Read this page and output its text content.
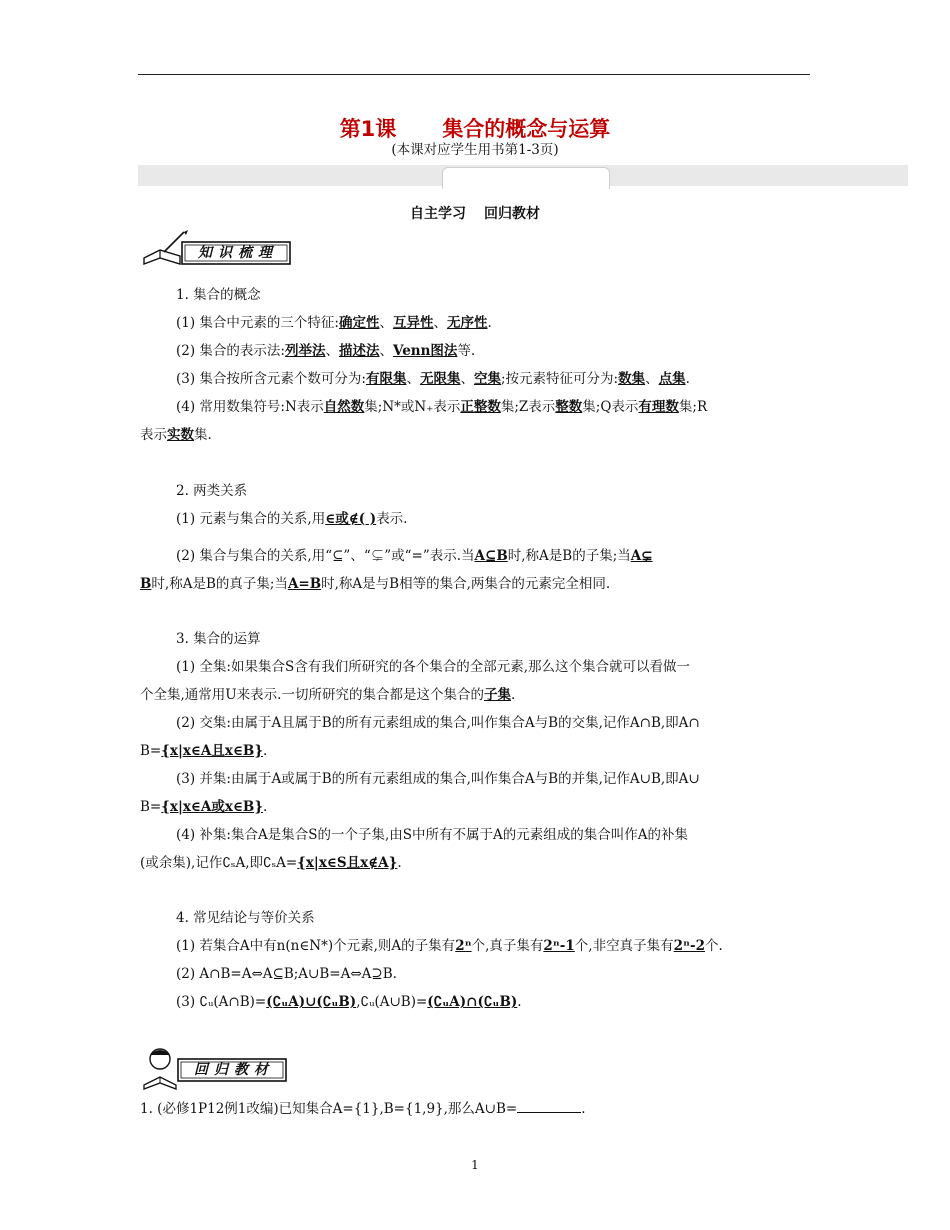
第1课 集合的概念与运算
(本课对应学生用书第1-3页)
自主学习 回归教材
知识梳理
1. 集合的概念
(1) 集合中元素的三个特征:确定性、互异性、无序性.
(2) 集合的表示法:列举法、描述法、Venn图法等.
(3) 集合按所含元素个数可分为:有限集、无限集、空集;按元素特征可分为:数集、点集.
(4) 常用数集符号:N表示自然数集;N*或N₊表示正整数集;Z表示整数集;Q表示有理数集;R
表示实数集.
2. 两类关系
(1) 元素与集合的关系,用∈或∉( )表示.
(2) 集合与集合的关系,用“⊆”、“⊊”或“=”表示.当A⊆B时,称A是B的子集;当A⊊
B时,称A是B的真子集;当A=B时,称A是与B相等的集合,两集合的元素完全相同.
3. 集合的运算
(1) 全集:如果集合S含有我们所研究的各个集合的全部元素,那么这个集合就可以看做一
个全集,通常用U来表示.一切所研究的集合都是这个集合的子集.
(2) 交集:由属于A且属于B的所有元素组成的集合,叫作集合A与B的交集,记作A∩B,即A∩
B={x|x∈A且x∈B}.
(3) 并集:由属于A或属于B的所有元素组成的集合,叫作集合A与B的并集,记作A∪B,即A∪
B={x|x∈A或x∈B}.
(4) 补集:集合A是集合S的一个子集,由S中所有不属于A的元素组成的集合叫作A的补集
(或余集),记作∁ₛA,即∁ₛA={x|x∈S且x∉A}.
4. 常见结论与等价关系
(1) 若集合A中有n(n∈N*)个元素,则A的子集有2ⁿ个,真子集有2ⁿ-1个,非空真子集有2ⁿ-2个.
(2) A∩B=A⇔A⊆B;A∪B=A⇔A⊇B.
(3) ∁ᵤ(A∩B)=(∁ᵤA)∪(∁ᵤB),∁ᵤ(A∪B)=(∁ᵤA)∩(∁ᵤB).
回归教材
1. (必修1P12例1改编)已知集合A={1},B={1,9},那么A∪B=	.
1
